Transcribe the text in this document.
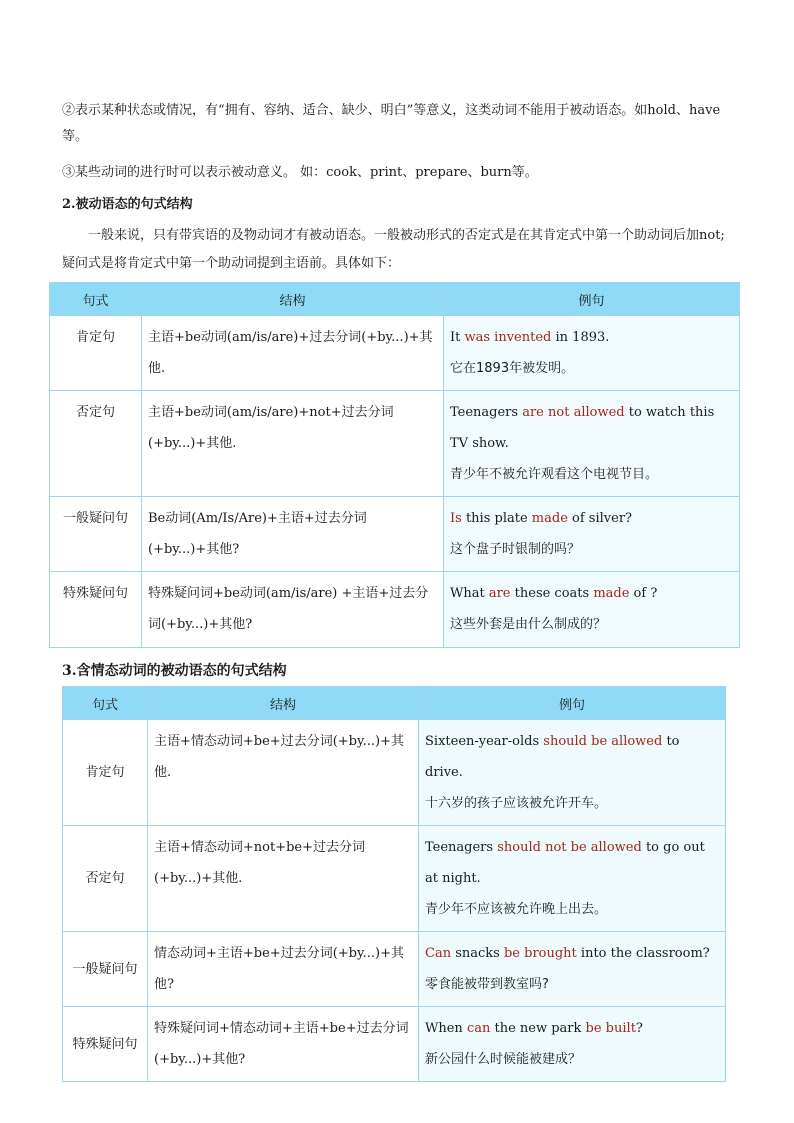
②表示某种状态或情况，有“拥有、容纳、适合、缺少、明白”等意义，这类动词不能用于被动语态。如hold、have等。

③某些动词的进行时可以表示被动意义。 如：cook、print、prepare、burn等。

2.被动语态的句式结构

一般来说，只有带宾语的及物动词才有被动语态。一般被动形式的否定式是在其肯定式中第一个助动词后加not;疑问式是将肯定式中第一个助动词提到主语前。具体如下：

句式	结构	例句
肯定句	主语+be动词(am/is/are)+过去分词(+by...)+其他.	It was invented in 1893.
它在1893年被发明。

否定句	主语+be动词(am/is/are)+not+过去分词(+by...)+其他.	Teenagers are not allowed to watch this TV show.
青少年不被允许观看这个电视节目。

一般疑问句	Be动词(Am/Is/Are)+主语+过去分词(+by...)+其他?	Is this plate made of silver?
这个盘子时银制的吗？

特殊疑问句	特殊疑问词+be动词(am/is/are) +主语+过去分词(+by...)+其他?	What are these coats made of ?
这些外套是由什么制成的？

3.含情态动词的被动语态的句式结构

句式	结构	例句
肯定句	主语+情态动词+be+过去分词(+by...)+其他.	Sixteen-year-olds should be allowed to drive.
十六岁的孩子应该被允许开车。

否定句	主语+情态动词+not+be+过去分词(+by...)+其他.	Teenagers should not be allowed to go out at night.
青少年不应该被允许晚上出去。

一般疑问句	情态动词+主语+be+过去分词(+by...)+其他?	Can snacks be brought into the classroom?
零食能被带到教室吗?

特殊疑问句	特殊疑问词+情态动词+主语+be+过去分词(+by...)+其他?	When can the new park be built?
新公园什么时候能被建成？
